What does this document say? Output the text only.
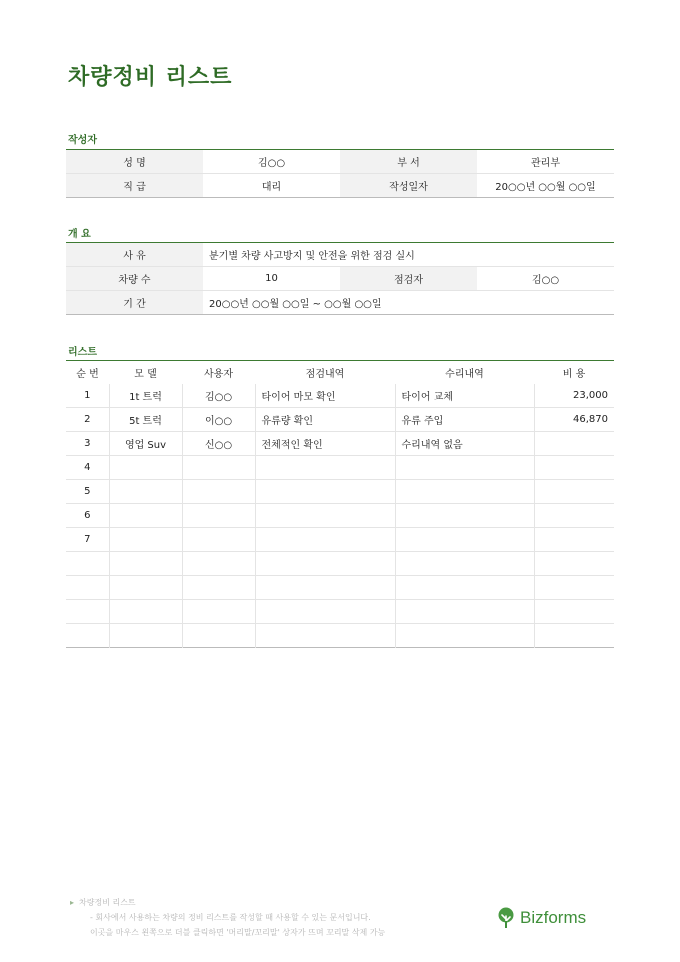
차량정비 리스트
작성자
성 명	김○○	부 서	관리부
직 급	대리	작성일자	20○○년 ○○월 ○○일
개 요
사 유	분기별 차량 사고방지 및 안전을 위한 점검 실시		
차량 수	10	점검자	김○○
기 간	20○○년 ○○월 ○○일 ~ ○○월 ○○일		
리스트
순 번	모 델	사용자	점검내역	수리내역	비 용
1	1t 트럭	김○○	타이어 마모 확인	타이어 교체	23,000
2	5t 트럭	이○○	유류량 확인	유류 주입	46,870
3	영업 Suv	신○○	전체적인 확인	수리내역 없음	
4					
5					
6					
7					

▸ 차량정비 리스트
- 회사에서 사용하는 차량의 정비 리스트를 작성할 때 사용할 수 있는 문서입니다.
이곳을 마우스 왼쪽으로 더블 클릭하면 '머리말/꼬리말' 상자가 뜨며 꼬리말 삭제 가능
Bizforms
